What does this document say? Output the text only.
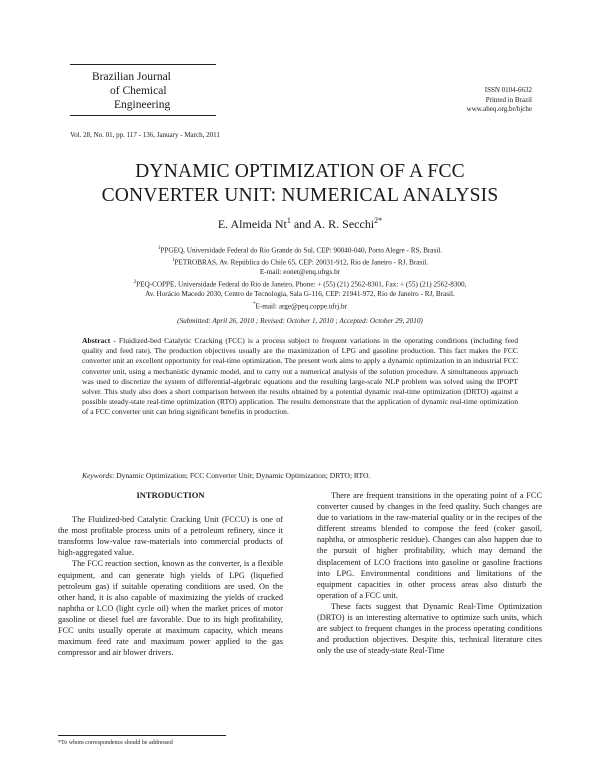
Brazilian Journal
of Chemical
Engineering
ISSN 0104-6632
Printed in Brazil
www.abeq.org.br/bjche
Vol. 28, No. 01, pp. 117 - 136, January - March, 2011
DYNAMIC OPTIMIZATION OF A FCC
CONVERTER UNIT: NUMERICAL ANALYSIS
E. Almeida Nt$^1$ and A. R. Secchi$^{2*}$
$^1$PPGEQ, Universidade Federal do Rio Grande do Sul, CEP: 90040-040, Porto Alegre - RS, Brasil.
$^1$PETROBRAS, Av. República do Chile 65, CEP: 20031-912, Rio de Janeiro - RJ, Brasil.
E-mail: eonet@enq.ufrgs.br
$^2$PEQ-COPPE, Universidade Federal do Rio de Janeiro, Phone: + (55) (21) 2562-8301, Fax: + (55) (21) 2562-8300,
Av. Horácio Macedo 2030, Centro de Tecnologia, Sala G-116, CEP: 21941-972, Rio de Janeiro - RJ, Brasil.
*E-mail: arge@peq.coppe.ufrj.br
(Submitted: April 26, 2010 ; Revised: October 1, 2010 ; Accepted: October 29, 2010)
Abstract - Fluidized-bed Catalytic Cracking (FCC) is a process subject to frequent variations in the operating conditions (including feed quality and feed rate). The production objectives usually are the maximization of LPG and gasoline production. This fact makes the FCC converter unit an excellent opportunity for real-time optimization. The present work aims to apply a dynamic optimization in an industrial FCC converter unit, using a mechanistic dynamic model, and to carry out a numerical analysis of the solution procedure. A simultaneous approach was used to discretize the system of differential-algebraic equations and the resulting large-scale NLP problem was solved using the IPOPT solver. This study also does a short comparison between the results obtained by a potential dynamic real-time optimization (DRTO) against a possible steady-state real-time optimization (RTO) application. The results demonstrate that the application of dynamic real-time optimization of a FCC converter unit can bring significant benefits in production.
Keywords: Dynamic Optimization; FCC Converter Unit; Dynamic Optimization; DRTO; RTO.

INTRODUCTION

The Fluidized-bed Catalytic Cracking Unit (FCCU) is one of the most profitable process units of a petroleum refinery, since it transforms low-value raw-materials into commercial products of high-aggregated value.

The FCC reaction section, known as the converter, is a flexible equipment, and can generate high yields of LPG (liquefied petroleum gas) if suitable operating conditions are used. On the other hand, it is also capable of maximizing the yields of cracked naphtha or LCO (light cycle oil) when the market prices of motor gasoline or diesel fuel are favorable. Due to its high profitability, FCC units usually operate at maximum capacity, which means maximum feed rate and maximum power applied to the gas compressor and air blower drivers.

There are frequent transitions in the operating point of a FCC converter caused by changes in the feed quality. Such changes are due to variations in the raw-material quality or in the recipes of the different streams blended to compose the feed (coker gasoil, naphtha, or atmospheric residue). Changes can also happen due to the pursuit of higher profitability, which may demand the displacement of LCO fractions into gasoline or gasoline fractions into LPG. Environmental conditions and limitations of the equipment capacities in other process areas also disturb the operation of a FCC unit.

These facts suggest that Dynamic Real-Time Optimization (DRTO) is an interesting alternative to optimize such units, which are subject to frequent changes in the process operating conditions and production objectives. Despite this, technical literature cites only the use of steady-state Real-Time

*To whom correspondence should be addressed
